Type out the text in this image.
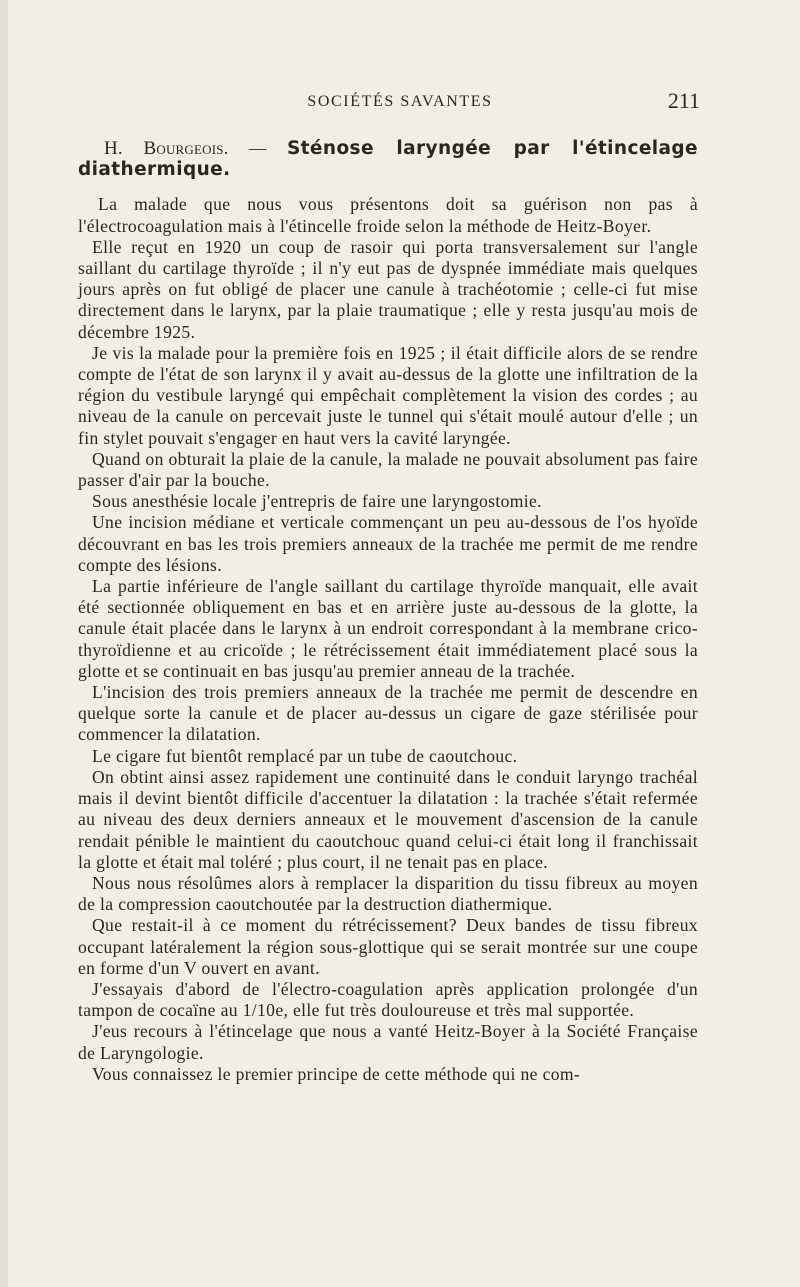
SOCIÉTÉS SAVANTES	211

H. Bourgeois. — Sténose laryngée par l'étincelage diathermique.

La malade que nous vous présentons doit sa guérison non pas à l'électrocoagulation mais à l'étincelle froide selon la méthode de Heitz-Boyer.

Elle reçut en 1920 un coup de rasoir qui porta transversalement sur l'angle saillant du cartilage thyroïde ; il n'y eut pas de dyspnée immédiate mais quelques jours après on fut obligé de placer une canule à trachéotomie ; celle-ci fut mise directement dans le larynx, par la plaie traumatique ; elle y resta jusqu'au mois de décembre 1925.

Je vis la malade pour la première fois en 1925 ; il était difficile alors de se rendre compte de l'état de son larynx il y avait au-dessus de la glotte une infiltration de la région du vestibule laryngé qui empêchait complètement la vision des cordes ; au niveau de la canule on percevait juste le tunnel qui s'était moulé autour d'elle ; un fin stylet pouvait s'engager en haut vers la cavité laryngée.

Quand on obturait la plaie de la canule, la malade ne pouvait absolument pas faire passer d'air par la bouche.

Sous anesthésie locale j'entrepris de faire une laryngostomie.

Une incision médiane et verticale commençant un peu au-dessous de l'os hyoïde découvrant en bas les trois premiers anneaux de la trachée me permit de me rendre compte des lésions.

La partie inférieure de l'angle saillant du cartilage thyroïde manquait, elle avait été sectionnée obliquement en bas et en arrière juste au-dessous de la glotte, la canule était placée dans le larynx à un endroit correspondant à la membrane crico-thyroïdienne et au cricoïde ; le rétrécissement était immédiatement placé sous la glotte et se continuait en bas jusqu'au premier anneau de la trachée.

L'incision des trois premiers anneaux de la trachée me permit de descendre en quelque sorte la canule et de placer au-dessus un cigare de gaze stérilisée pour commencer la dilatation.

Le cigare fut bientôt remplacé par un tube de caoutchouc.

On obtint ainsi assez rapidement une continuité dans le conduit laryngo trachéal mais il devint bientôt difficile d'accentuer la dilatation : la trachée s'était refermée au niveau des deux derniers anneaux et le mouvement d'ascension de la canule rendait pénible le maintient du caoutchouc quand celui-ci était long il franchissait la glotte et était mal toléré ; plus court, il ne tenait pas en place.

Nous nous résolûmes alors à remplacer la disparition du tissu fibreux au moyen de la compression caoutchoutée par la destruction diathermique.

Que restait-il à ce moment du rétrécissement? Deux bandes de tissu fibreux occupant latéralement la région sous-glottique qui se serait montrée sur une coupe en forme d'un V ouvert en avant.

J'essayais d'abord de l'électro-coagulation après application prolongée d'un tampon de cocaïne au 1/10e, elle fut très douloureuse et très mal supportée.

J'eus recours à l'étincelage que nous a vanté Heitz-Boyer à la Société Française de Laryngologie.

Vous connaissez le premier principe de cette méthode qui ne com-
